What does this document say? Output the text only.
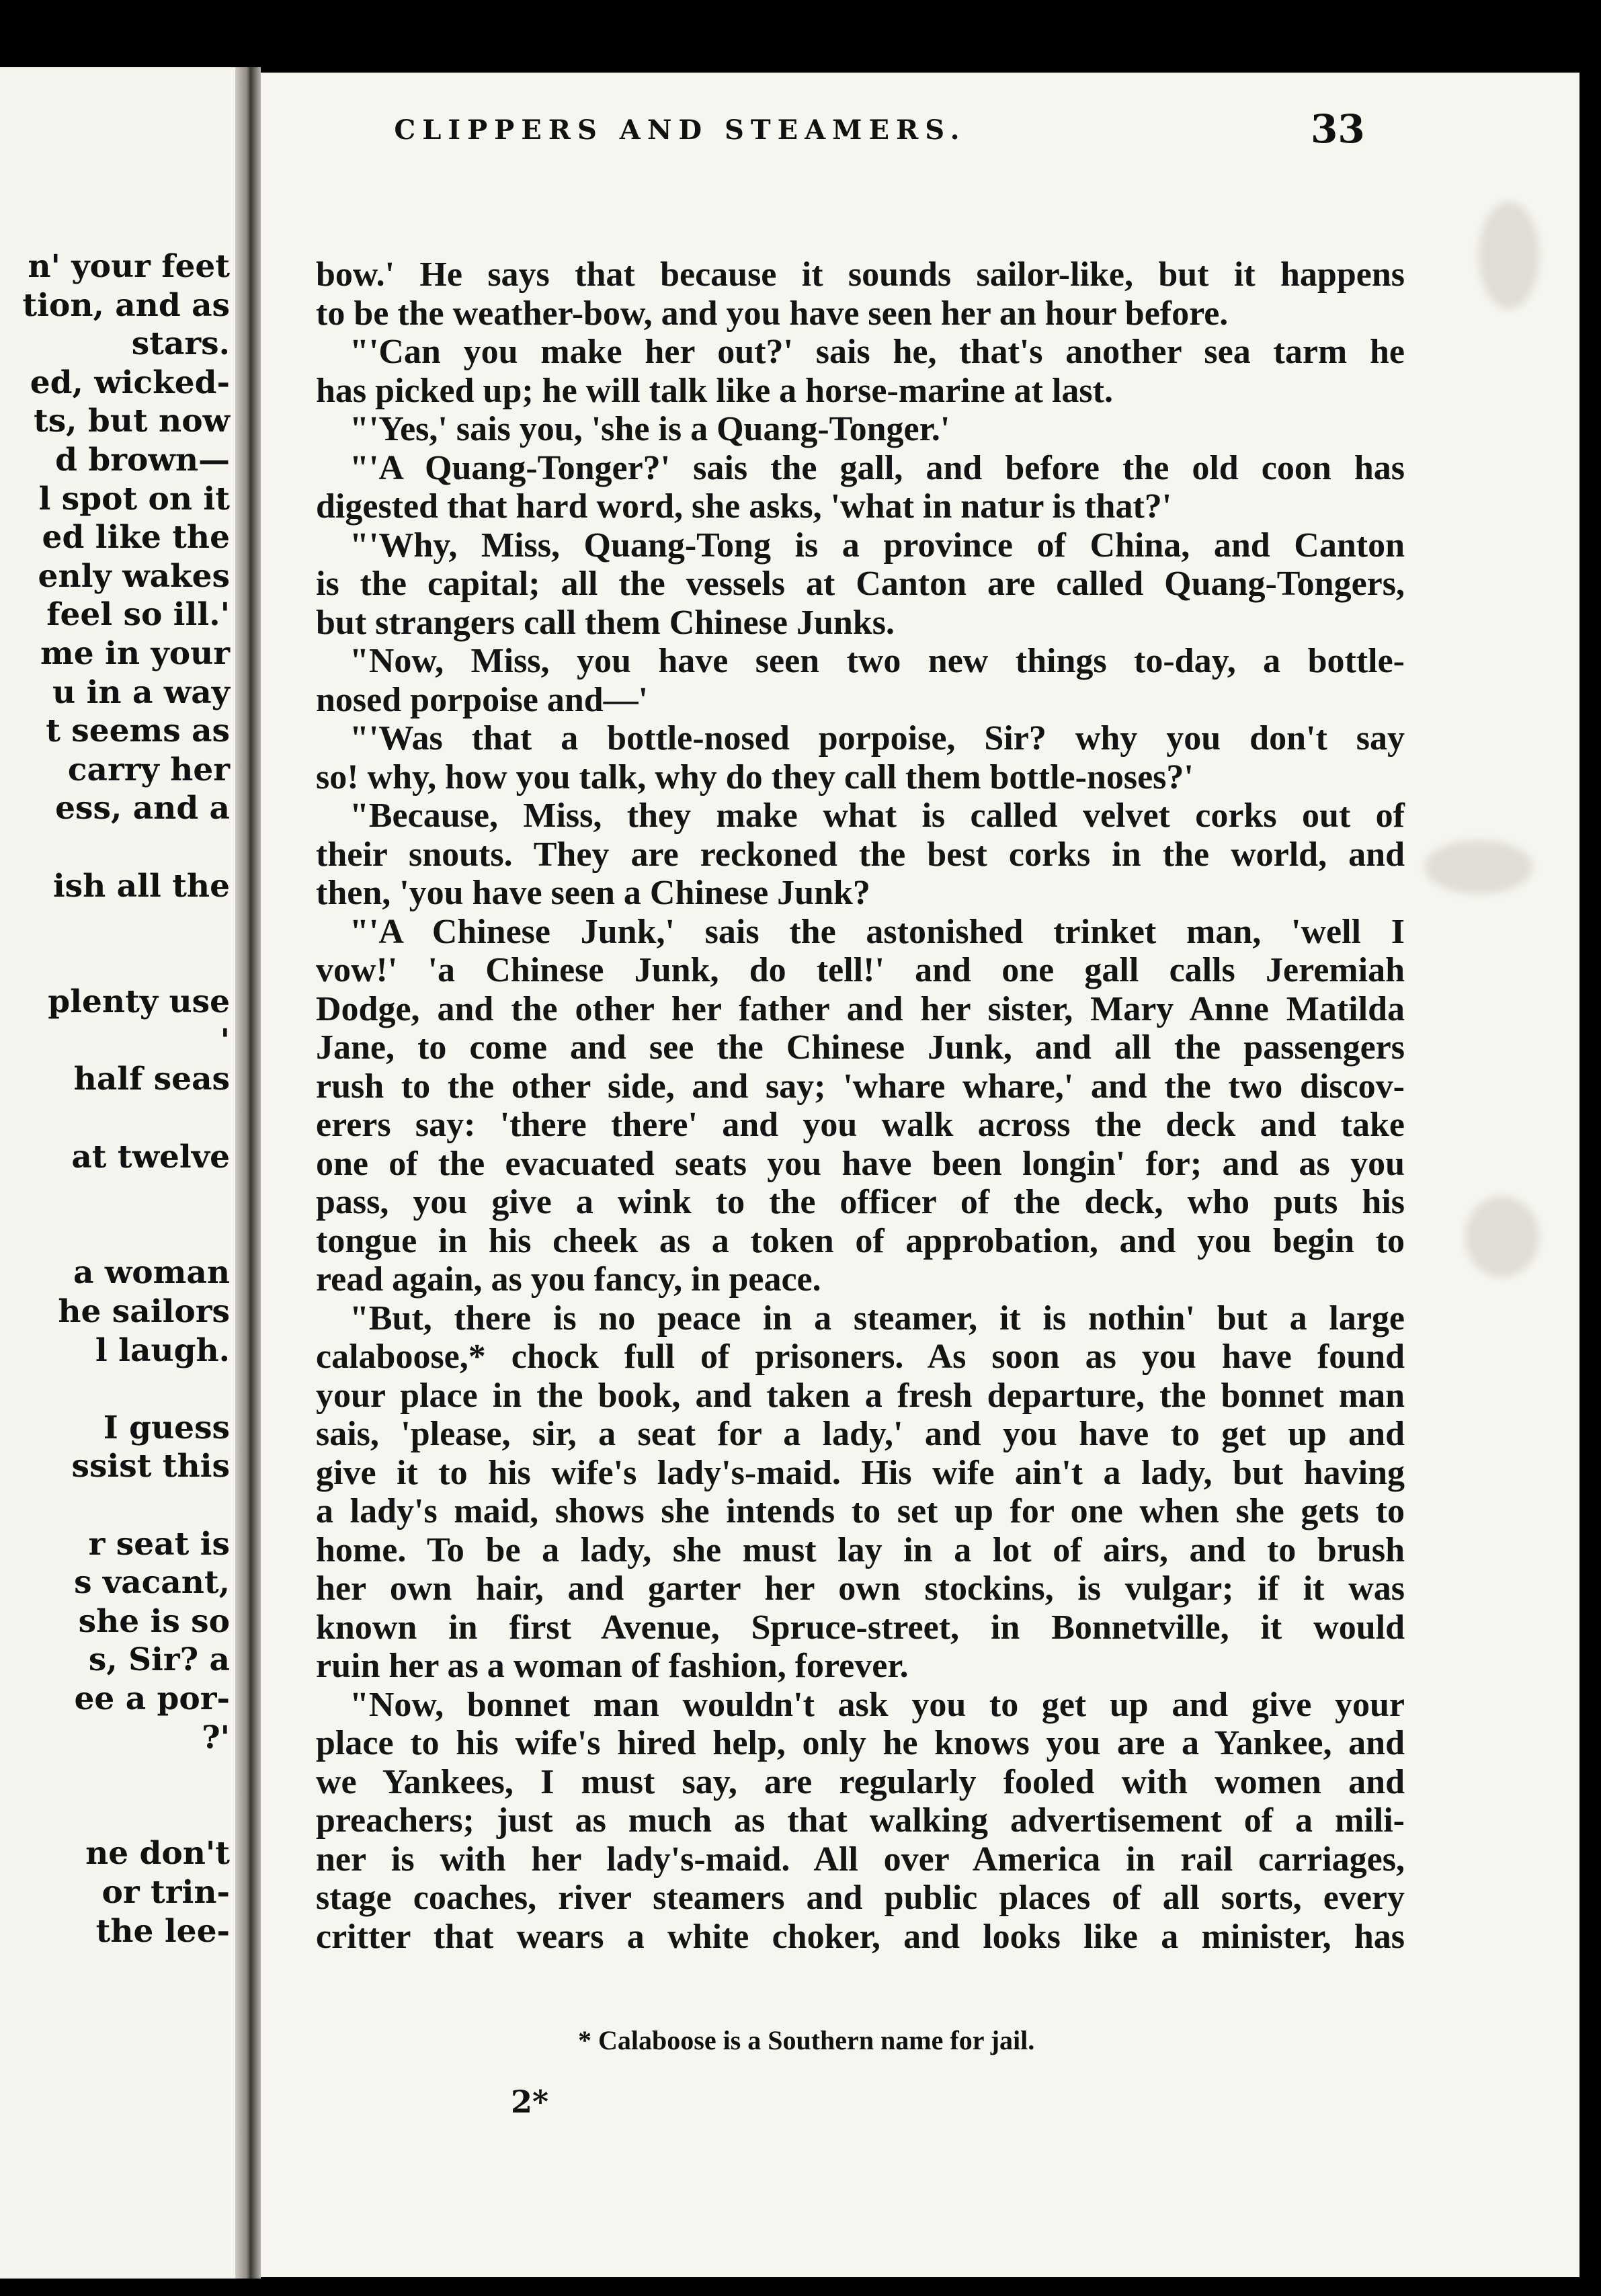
n' your feet
tion, and as
stars.
ed, wicked-
ts, but now
d brown—
l spot on it
ed like the
enly wakes
feel so ill.'
me in your
u in a way
t seems as
carry her
ess, and a

ish all the

plenty use
'
half seas

at twelve

a woman
he sailors
l laugh.

I guess
ssist this

r seat is
s vacant,
she is so
s, Sir? a
ee a por-
?'

ne don't
or trin-
the lee-
CLIPPERS AND STEAMERS.	33
bow.' He says that because it sounds sailor-like, but it happens
to be the weather-bow, and you have seen her an hour before.
"'Can you make her out?' sais he, that's another sea tarm he
has picked up; he will talk like a horse-marine at last.
"'Yes,' sais you, 'she is a Quang-Tonger.'
"'A Quang-Tonger?' sais the gall, and before the old coon has
digested that hard word, she asks, 'what in natur is that?'
"'Why, Miss, Quang-Tong is a province of China, and Canton
is the capital; all the vessels at Canton are called Quang-Tongers,
but strangers call them Chinese Junks.
"Now, Miss, you have seen two new things to-day, a bottle-
nosed porpoise and—'
"'Was that a bottle-nosed porpoise, Sir? why you don't say
so! why, how you talk, why do they call them bottle-noses?'
"Because, Miss, they make what is called velvet corks out of
their snouts. They are reckoned the best corks in the world, and
then, 'you have seen a Chinese Junk?
"'A Chinese Junk,' sais the astonished trinket man, 'well I
vow!' 'a Chinese Junk, do tell!' and one gall calls Jeremiah
Dodge, and the other her father and her sister, Mary Anne Matilda
Jane, to come and see the Chinese Junk, and all the passengers
rush to the other side, and say; 'whare whare,' and the two discov-
erers say: 'there there' and you walk across the deck and take
one of the evacuated seats you have been longin' for; and as you
pass, you give a wink to the officer of the deck, who puts his
tongue in his cheek as a token of approbation, and you begin to
read again, as you fancy, in peace.
"But, there is no peace in a steamer, it is nothin' but a large
calaboose,* chock full of prisoners. As soon as you have found
your place in the book, and taken a fresh departure, the bonnet man
sais, 'please, sir, a seat for a lady,' and you have to get up and
give it to his wife's lady's-maid. His wife ain't a lady, but having
a lady's maid, shows she intends to set up for one when she gets to
home. To be a lady, she must lay in a lot of airs, and to brush
her own hair, and garter her own stockins, is vulgar; if it was
known in first Avenue, Spruce-street, in Bonnetville, it would
ruin her as a woman of fashion, forever.
"Now, bonnet man wouldn't ask you to get up and give your
place to his wife's hired help, only he knows you are a Yankee, and
we Yankees, I must say, are regularly fooled with women and
preachers; just as much as that walking advertisement of a mili-
ner is with her lady's-maid. All over America in rail carriages,
stage coaches, river steamers and public places of all sorts, every
critter that wears a white choker, and looks like a minister, has
* Calaboose is a Southern name for jail.
2*
